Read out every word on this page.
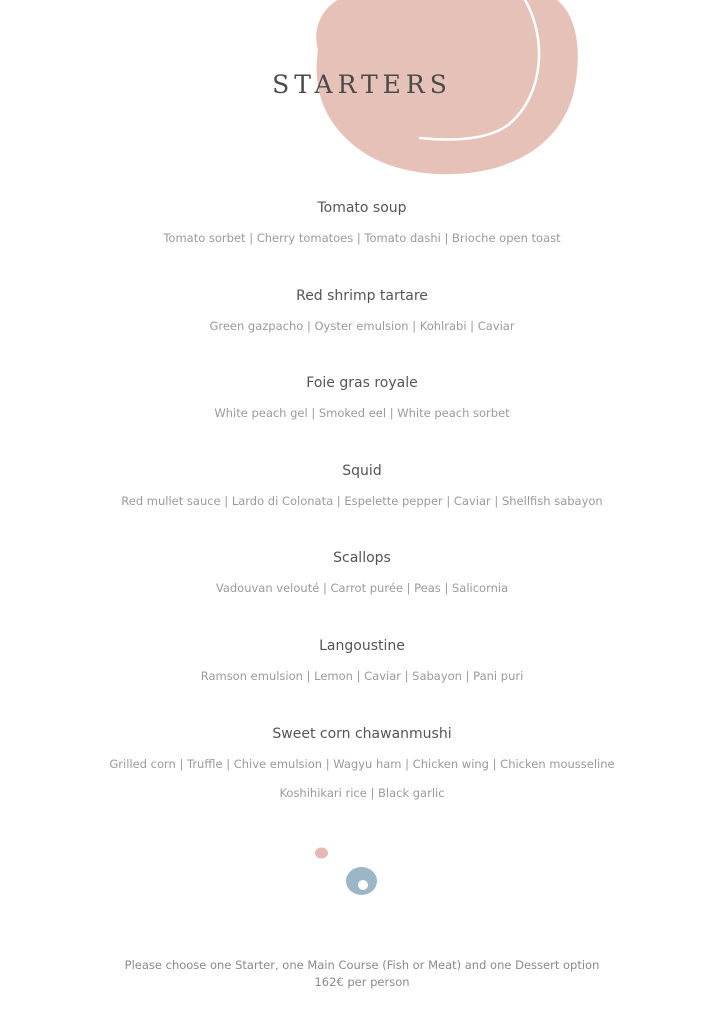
STARTERS

Tomato soup

Tomato sorbet | Cherry tomatoes | Tomato dashi | Brioche open toast

Red shrimp tartare

Green gazpacho | Oyster emulsion | Kohlrabi | Caviar

Foie gras royale

White peach gel | Smoked eel | White peach sorbet

Squid

Red mullet sauce | Lardo di Colonata | Espelette pepper | Caviar | Shellfish sabayon

Scallops

Vadouvan velouté | Carrot purée | Peas | Salicornia

Langoustine

Ramson emulsion | Lemon | Caviar | Sabayon | Pani puri

Sweet corn chawanmushi

Grilled corn | Truffle | Chive emulsion | Wagyu ham | Chicken wing | Chicken mousseline

Koshihikari rice | Black garlic

Please choose one Starter, one Main Course (Fish or Meat) and one Dessert option

162€ per person
